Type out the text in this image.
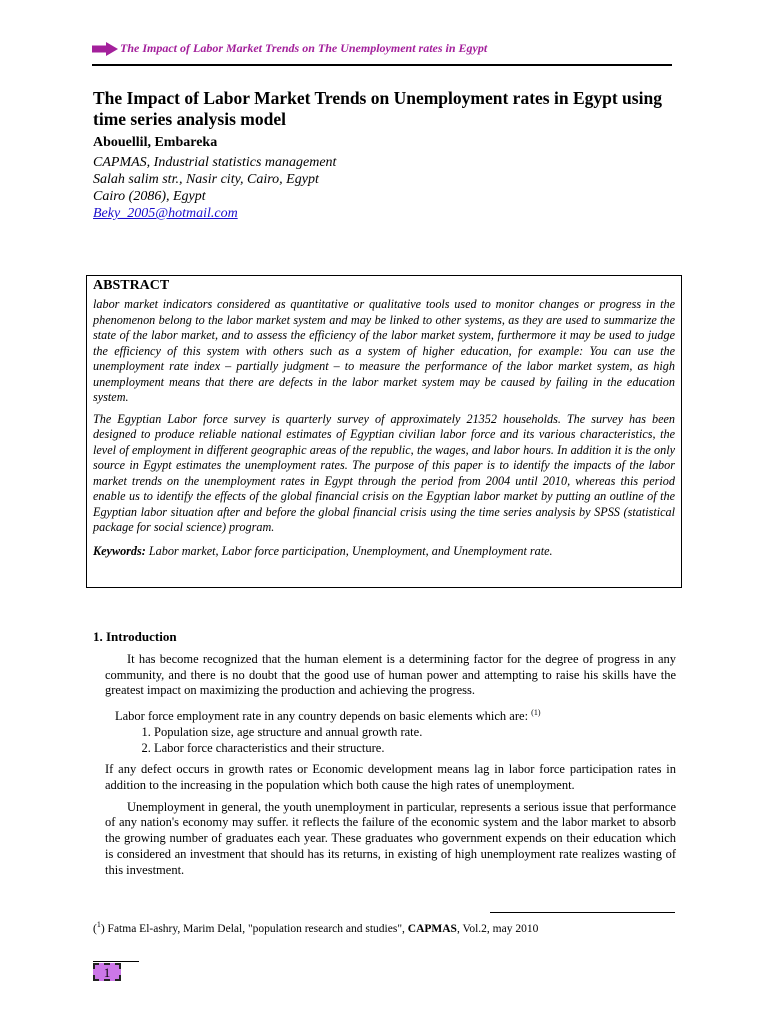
The Impact of Labor Market Trends on The Unemployment rates in Egypt
The Impact of Labor Market Trends on Unemployment rates in Egypt using time series analysis model
Abouellil, Embareka
CAPMAS, Industrial statistics management
Salah salim str., Nasir city, Cairo, Egypt
Cairo (2086), Egypt
Beky_2005@hotmail.com
ABSTRACT

labor market indicators considered as quantitative or qualitative tools used to monitor changes or progress in the phenomenon belong to the labor market system and may be linked to other systems, as they are used to summarize the state of the labor market, and to assess the efficiency of the labor market system, furthermore it may be used to judge the efficiency of this system with others such as a system of higher education, for example: You can use the unemployment rate index – partially judgment – to measure the performance of the labor market system, as high unemployment means that there are defects in the labor market system may be caused by failing in the education system.

The Egyptian Labor force survey is quarterly survey of approximately 21352 households. The survey has been designed to produce reliable national estimates of Egyptian civilian labor force and its various characteristics, the level of employment in different geographic areas of the republic, the wages, and labor hours. In addition it is the only source in Egypt estimates the unemployment rates. The purpose of this paper is to identify the impacts of the labor market trends on the unemployment rates in Egypt through the period from 2004 until 2010, whereas this period enable us to identify the effects of the global financial crisis on the Egyptian labor market by putting an outline of the Egyptian labor situation after and before the global financial crisis using the time series analysis by SPSS (statistical package for social science) program.

Keywords: Labor market, Labor force participation, Unemployment, and Unemployment rate.

1. Introduction

It has become recognized that the human element is a determining factor for the degree of progress in any community, and there is no doubt that the good use of human power and attempting to raise his skills have the greatest impact on maximizing the production and achieving the progress.

Labor force employment rate in any country depends on basic elements which are: $^{(1)}$

1. Population size, age structure and annual growth rate.
2. Labor force characteristics and their structure.

If any defect occurs in growth rates or Economic development means lag in labor force participation rates in addition to the increasing in the population which both cause the high rates of unemployment.

Unemployment in general, the youth unemployment in particular, represents a serious issue that performance of any nation's economy may suffer. it reflects the failure of the economic system and the labor market to absorb the growing number of graduates each year. These graduates who government expends on their education which is considered an investment that should has its returns, in existing of high unemployment rate realizes wasting of this investment.

($^1$) Fatma El-ashry, Marim Delal, "population research and studies", CAPMAS, Vol.2, may 2010
1
